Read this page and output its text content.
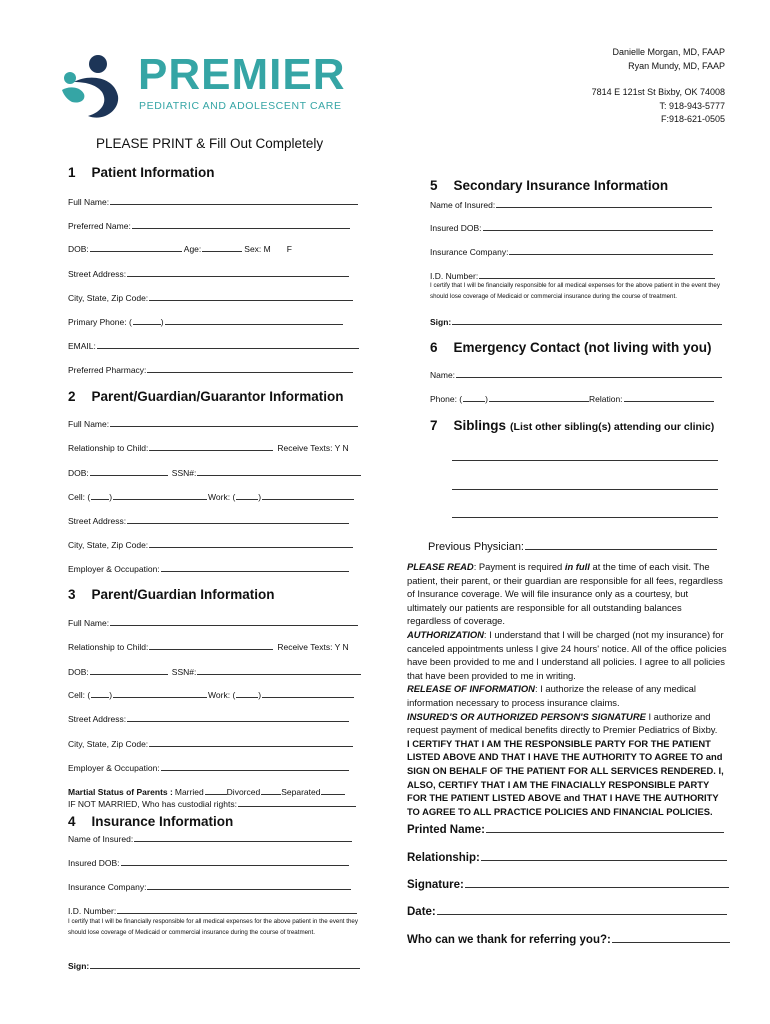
PREMIER
PEDIATRIC AND ADOLESCENT CARE
Danielle Morgan, MD, FAAP
Ryan Mundy, MD, FAAP
7814 E 121st St Bixby, OK 74008
T: 918-943-5777
F:918-621-0505
PLEASE PRINT & Fill Out Completely
1 Patient Information
Full Name:
Preferred Name:
DOB:	Age:	Sex: M F
Street Address:
City, State, Zip Code:
Primary Phone: (	)
EMAIL:
Preferred Pharmacy:
2 Parent/Guardian/Guarantor Information
Full Name:
Relationship to Child:	Receive Texts: Y N
DOB:	SSN#:
Cell: ( )	Work: (	)
Street Address:
City, State, Zip Code:
Employer & Occupation:
3 Parent/Guardian Information
Full Name:
Relationship to Child:	Receive Texts: Y N
DOB:	SSN#:
Cell: ( )	Work: (	)
Street Address:
City, State, Zip Code:
Employer & Occupation:
Martial Status of Parents : Married	Divorced Separated
IF NOT MARRIED, Who has custodial rights:
4 Insurance Information
Name of Insured:
Insured DOB:
Insurance Company:
I.D. Number:
I certify that I will be financially responsible for all medical expenses for the above patient in the event they should lose coverage of Medicaid or commercial insurance during the course of treatment.
Sign:
5 Secondary Insurance Information
Name of Insured:
Insured DOB:
Insurance Company:
I.D. Number:
I certify that I will be financially responsible for all medical expenses for the above patient in the event they should lose coverage of Medicaid or commercial insurance during the course of treatment.
Sign:
6 Emergency Contact (not living with you)
Name:
Phone: (	)	Relation:
7 Siblings (List other sibling(s) attending our clinic)
Previous Physician:
PLEASE READ: Payment is required in full at the time of each visit. The patient, their parent, or their guardian are responsible for all fees, regardless of Insurance coverage. We will file insurance only as a courtesy, but ultimately our patients are responsible for all outstanding balances regardless of coverage.
AUTHORIZATION: I understand that I will be charged (not my insurance) for canceled appointments unless I give 24 hours' notice. All of the office policies have been provided to me and I understand all policies. I agree to all policies that have been provided to me in writing.
RELEASE OF INFORMATION: I authorize the release of any medical information necessary to process insurance claims.
INSURED'S OR AUTHORIZED PERSON'S SIGNATURE I authorize and request payment of medical benefits directly to Premier Pediatrics of Bixby.
I CERTIFY THAT I AM THE RESPONSIBLE PARTY FOR THE PATIENT LISTED ABOVE AND THAT I HAVE THE AUTHORITY TO AGREE TO and SIGN ON BEHALF OF THE PATIENT FOR ALL SERVICES RENDERED. I, ALSO, CERTIFY THAT I AM THE FINACIALLY RESPONSIBLE PARTY FOR THE PATIENT LISTED ABOVE and THAT I HAVE THE AUTHORITY TO AGREE TO ALL PRACTICE POLICIES AND FINANCIAL POLICIES.
Printed Name:
Relationship:
Signature:
Date:
Who can we thank for referring you?:
